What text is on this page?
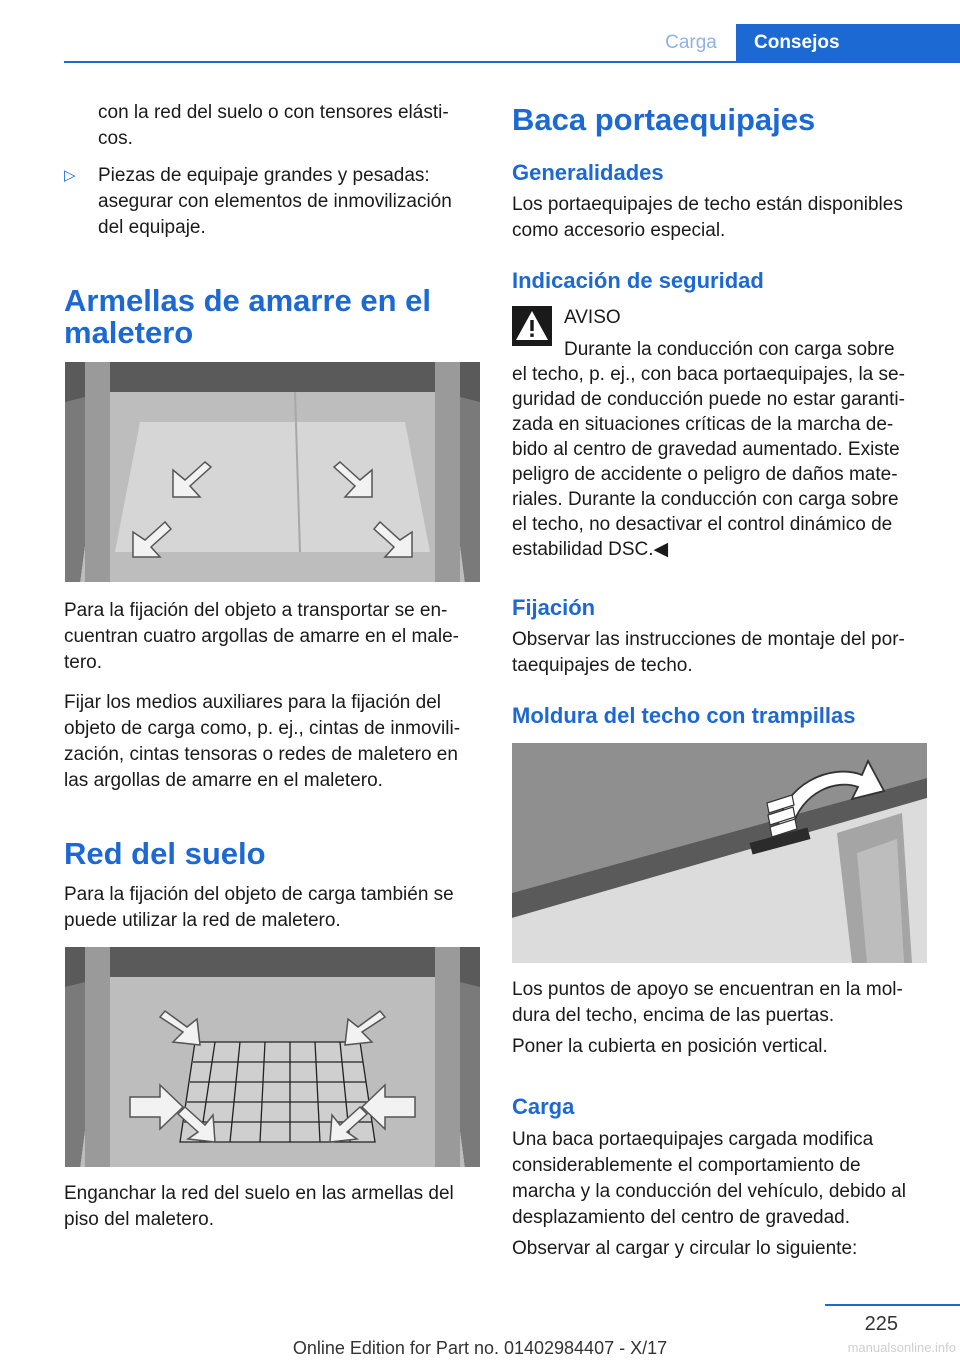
Carga	Consejos
con la red del suelo o con tensores elásti‐
cos.
▷ Piezas de equipaje grandes y pesadas:
asegurar con elementos de inmovilización
del equipaje.
Armellas de amarre en el
maletero
Para la fijación del objeto a transportar se en‐
cuentran cuatro argollas de amarre en el male‐
tero.
Fijar los medios auxiliares para la fijación del
objeto de carga como, p. ej., cintas de inmovili‐
zación, cintas tensoras o redes de maletero en
las argollas de amarre en el maletero.
Red del suelo
Para la fijación del objeto de carga también se
puede utilizar la red de maletero.
Enganchar la red del suelo en las armellas del
piso del maletero.
Baca portaequipajes
Generalidades
Los portaequipajes de techo están disponibles
como accesorio especial.
Indicación de seguridad
AVISO
Durante la conducción con carga sobre
el techo, p. ej., con baca portaequipajes, la se‐
guridad de conducción puede no estar garanti‐
zada en situaciones críticas de la marcha de‐
bido al centro de gravedad aumentado. Existe
peligro de accidente o peligro de daños mate‐
riales. Durante la conducción con carga sobre
el techo, no desactivar el control dinámico de
estabilidad DSC.◀
Fijación
Observar las instrucciones de montaje del por‐
taequipajes de techo.
Moldura del techo con trampillas
Los puntos de apoyo se encuentran en la mol‐
dura del techo, encima de las puertas.
Poner la cubierta en posición vertical.
Carga
Una baca portaequipajes cargada modifica
considerablemente el comportamiento de
marcha y la conducción del vehículo, debido al
desplazamiento del centro de gravedad.
Observar al cargar y circular lo siguiente:
225
Online Edition for Part no. 01402984407 - X/17	manualsonline.info
